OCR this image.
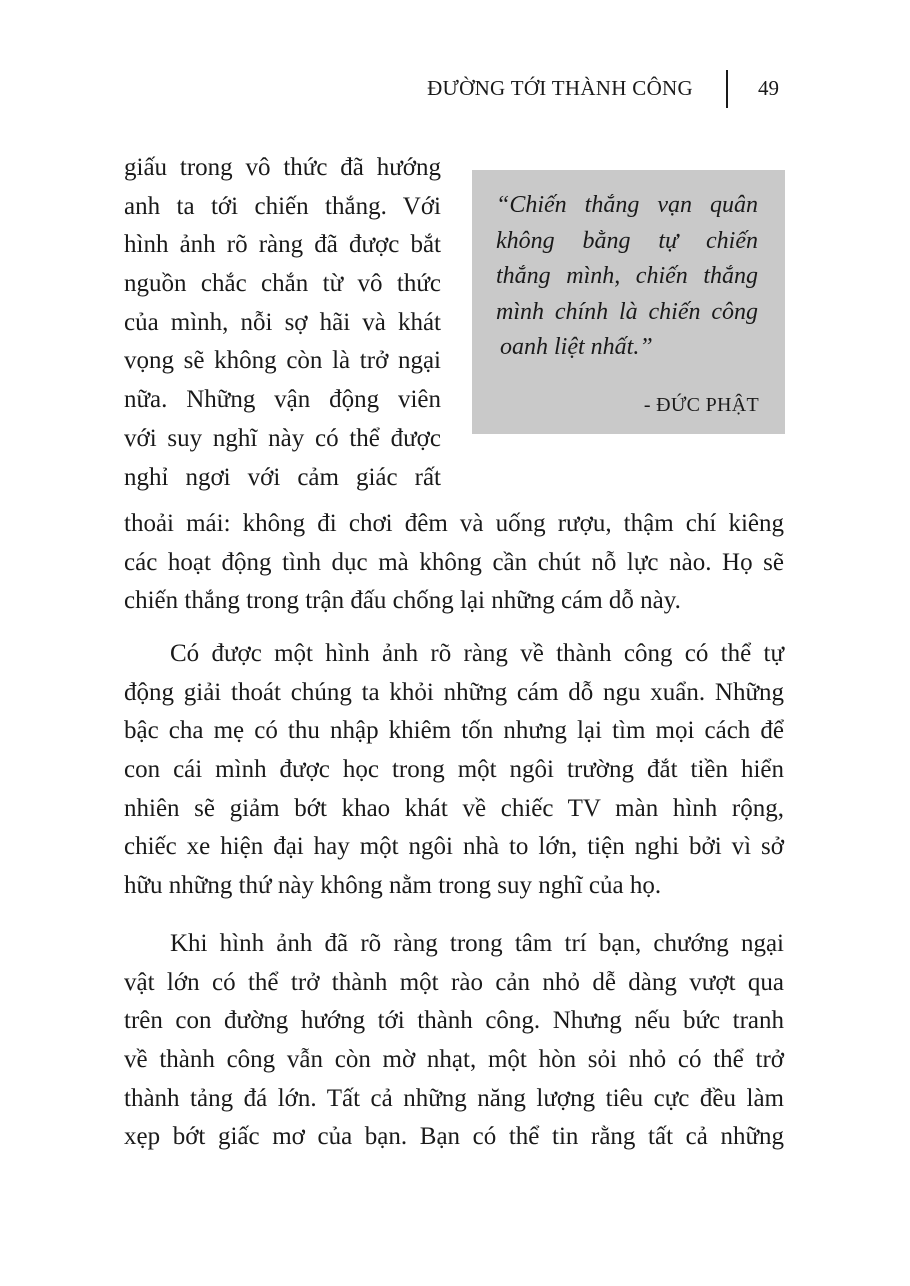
ĐƯỜNG TỚI THÀNH CÔNG	49
“Chiến thắng vạn quân
không bằng tự chiến
thắng mình, chiến thắng
mình chính là chiến công
oanh liệt nhất.”
- ĐỨC PHẬT
giấu trong vô thức đã hướng
anh ta tới chiến thắng. Với
hình ảnh rõ ràng đã được bắt
nguồn chắc chắn từ vô thức
của mình, nỗi sợ hãi và khát
vọng sẽ không còn là trở ngại
nữa. Những vận động viên
với suy nghĩ này có thể được
nghỉ ngơi với cảm giác rất
thoải mái: không đi chơi đêm và uống rượu, thậm chí kiêng
các hoạt động tình dục mà không cần chút nỗ lực nào. Họ sẽ
chiến thắng trong trận đấu chống lại những cám dỗ này.
Có được một hình ảnh rõ ràng về thành công có thể tự
động giải thoát chúng ta khỏi những cám dỗ ngu xuẩn. Những
bậc cha mẹ có thu nhập khiêm tốn nhưng lại tìm mọi cách để
con cái mình được học trong một ngôi trường đắt tiền hiển
nhiên sẽ giảm bớt khao khát về chiếc TV màn hình rộng,
chiếc xe hiện đại hay một ngôi nhà to lớn, tiện nghi bởi vì sở
hữu những thứ này không nằm trong suy nghĩ của họ.
Khi hình ảnh đã rõ ràng trong tâm trí bạn, chướng ngại
vật lớn có thể trở thành một rào cản nhỏ dễ dàng vượt qua
trên con đường hướng tới thành công. Nhưng nếu bức tranh
về thành công vẫn còn mờ nhạt, một hòn sỏi nhỏ có thể trở
thành tảng đá lớn. Tất cả những năng lượng tiêu cực đều làm
xẹp bớt giấc mơ của bạn. Bạn có thể tin rằng tất cả những
